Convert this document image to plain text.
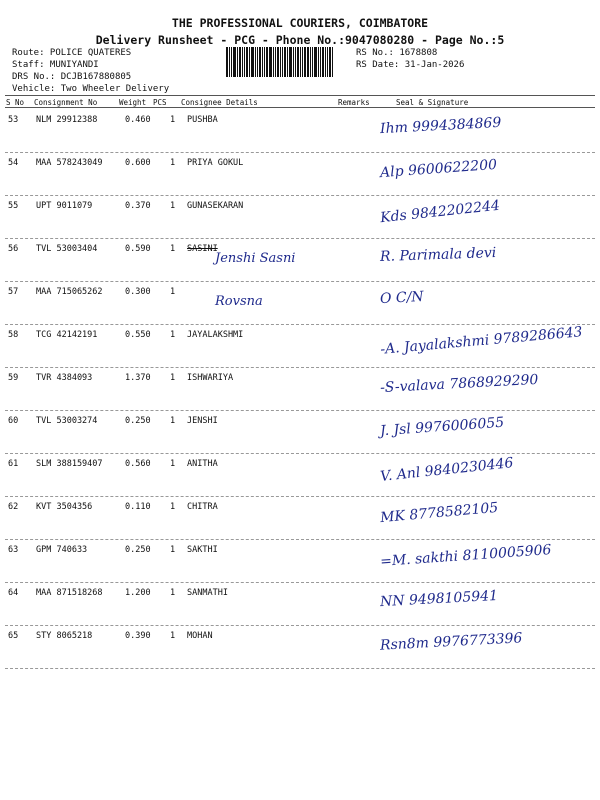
THE PROFESSIONAL COURIERS, COIMBATORE
Delivery Runsheet - PCG - Phone No.:9047080280 - Page No.:5
Route: POLICE QUATERES
Staff: MUNIYANDI
DRS No.: DCJB167880805
Vehicle: Two Wheeler Delivery
RS No.: 1678808
RS Date: 31-Jan-2026
S No Consignment No	Weight PCS Consignee Details	Remarks	Seal & Signature
53 NLM 29912388	0.460 1 PUSHBA	Ihm 9994384869
54 MAA 578243049	0.600 1 PRIYA GOKUL	Alp 9600622200
55 UPT 9011079	0.370 1 GUNASEKARAN	Kds 9842202244
56 TVL 53003404	0.590 1 SASINI	R. Parimala devi
Jenshi Sasni
57 MAA 715065262	0.300 1	O C/N
Rovsna
58 TCG 42142191	0.550 1 JAYALAKSHMI	-A. Jayalakshmi 9789286643
59 TVR 4384093	1.370 1 ISHWARIYA	-S-valava 7868929290
60 TVL 53003274	0.250 1 JENSHI	J. Jsl 9976006055
61 SLM 388159407	0.560 1 ANITHA	V. Anl 9840230446
62 KVT 3504356	0.110 1 CHITRA	MK 8778582105
63 GPM 740633	0.250 1 SAKTHI	=M. sakthi 8110005906
64 MAA 871518268	1.200 1 SANMATHI	NN 9498105941
65 STY 8065218	0.390 1 MOHAN	Rsn8m 9976773396
